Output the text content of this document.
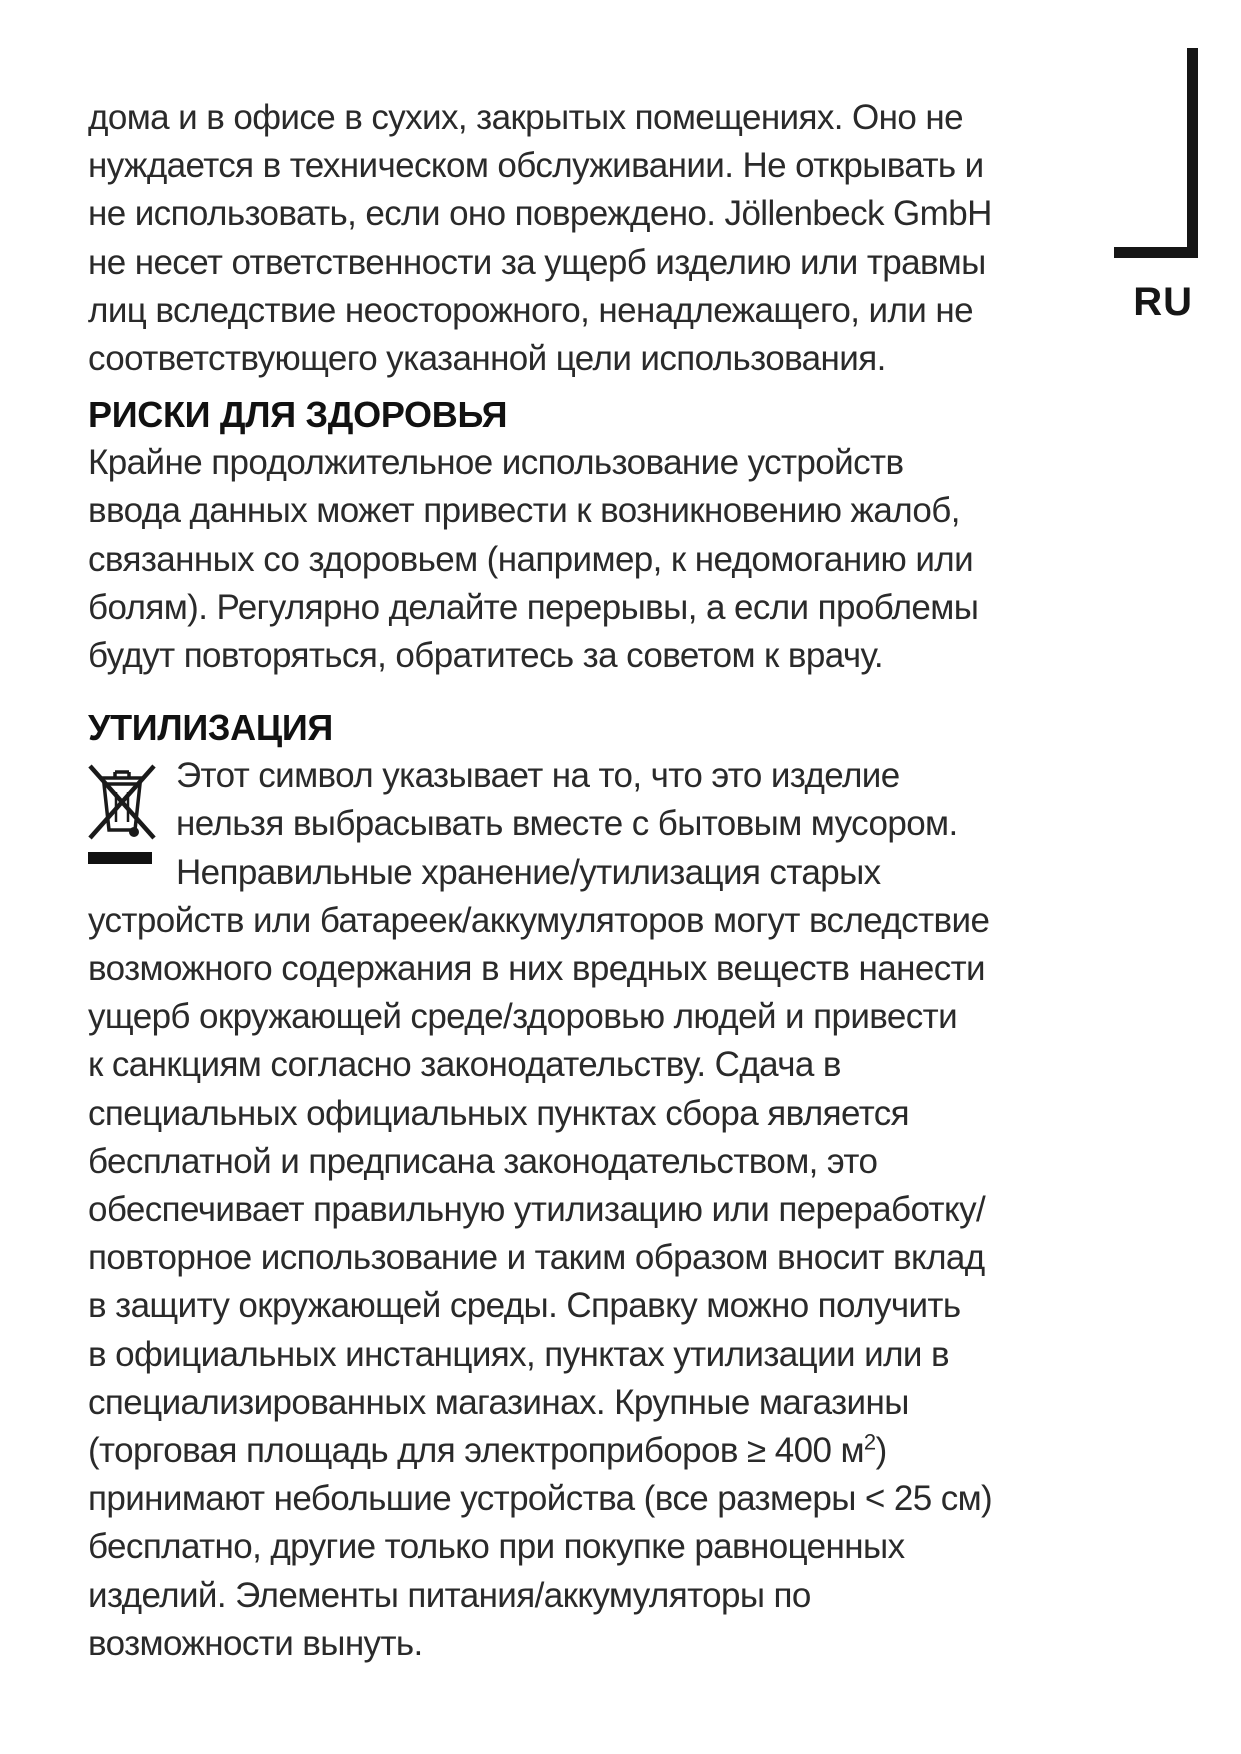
RU
дома и в офисе в сухих, закрытых помещениях. Оно не
нуждается в техническом обслуживании. Не открывать и
не использовать, если оно повреждено. Jöllenbeck GmbH
не несет ответственности за ущерб изделию или травмы
лиц вследствие неосторожного, ненадлежащего, или не
соответствующего указанной цели использования.
РИСКИ ДЛЯ ЗДОРОВЬЯ
Крайне продолжительное использование устройств
ввода данных может привести к возникновению жалоб,
связанных со здоровьем (например, к недомоганию или
болям). Регулярно делайте перерывы, а если проблемы
будут повторяться, обратитесь за советом к врачу.
УТИЛИЗАЦИЯ
Этот символ указывает на то, что это изделие
нельзя выбрасывать вместе с бытовым мусором.
Неправильные хранение/утилизация старых
устройств или батареек/аккумуляторов могут вследствие
возможного содержания в них вредных веществ нанести
ущерб окружающей среде/здоровью людей и привести
к санкциям согласно законодательству. Сдача в
специальных официальных пунктах сбора является
бесплатной и предписана законодательством, это
обеспечивает правильную утилизацию или переработку/
повторное использование и таким образом вносит вклад
в защиту окружающей среды. Справку можно получить
в официальных инстанциях, пунктах утилизации или в
специализированных магазинах. Крупные магазины
(торговая площадь для электроприборов ≥ 400 $м^2$)
принимают небольшие устройства (все размеры < 25 см)
бесплатно, другие только при покупке равноценных
изделий. Элементы питания/аккумуляторы по
возможности вынуть.
